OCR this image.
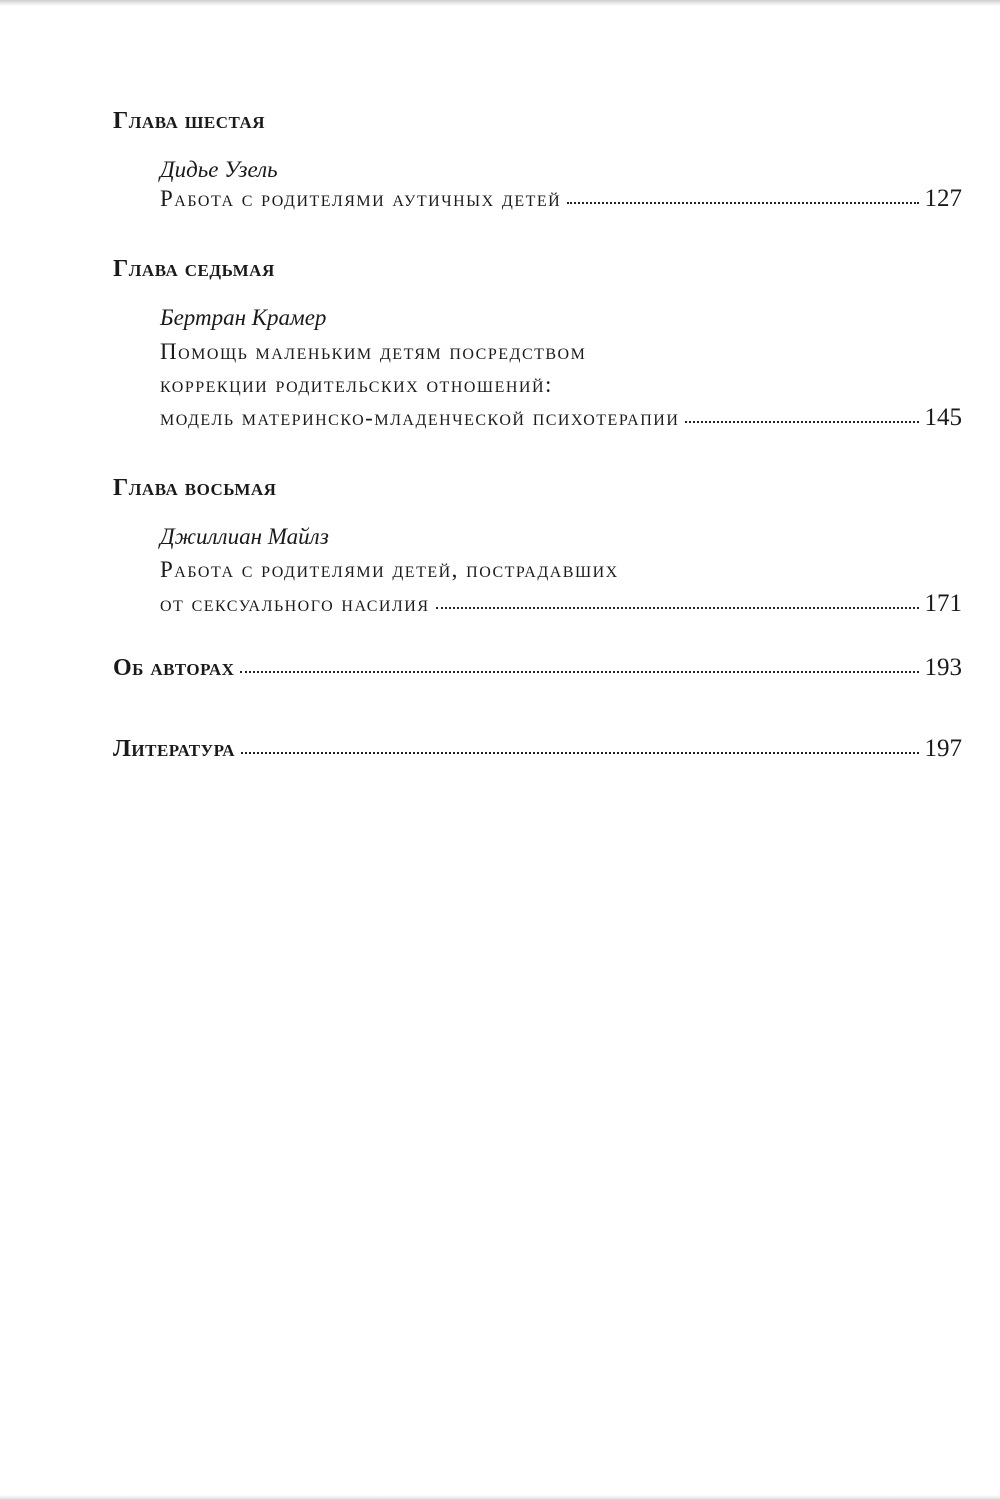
Глава шестая
Дидье Узель
Работа с родителями аутичных детей	127
Глава седьмая
Бертран Крамер
Помощь маленьким детям посредством
коррекции родительских отношений:
модель материнско-младенческой психотерапии	145
Глава восьмая
Джиллиан Майлз
Работа с родителями детей, пострадавших
от сексуального насилия	171
Об авторах	193
Литература	197
